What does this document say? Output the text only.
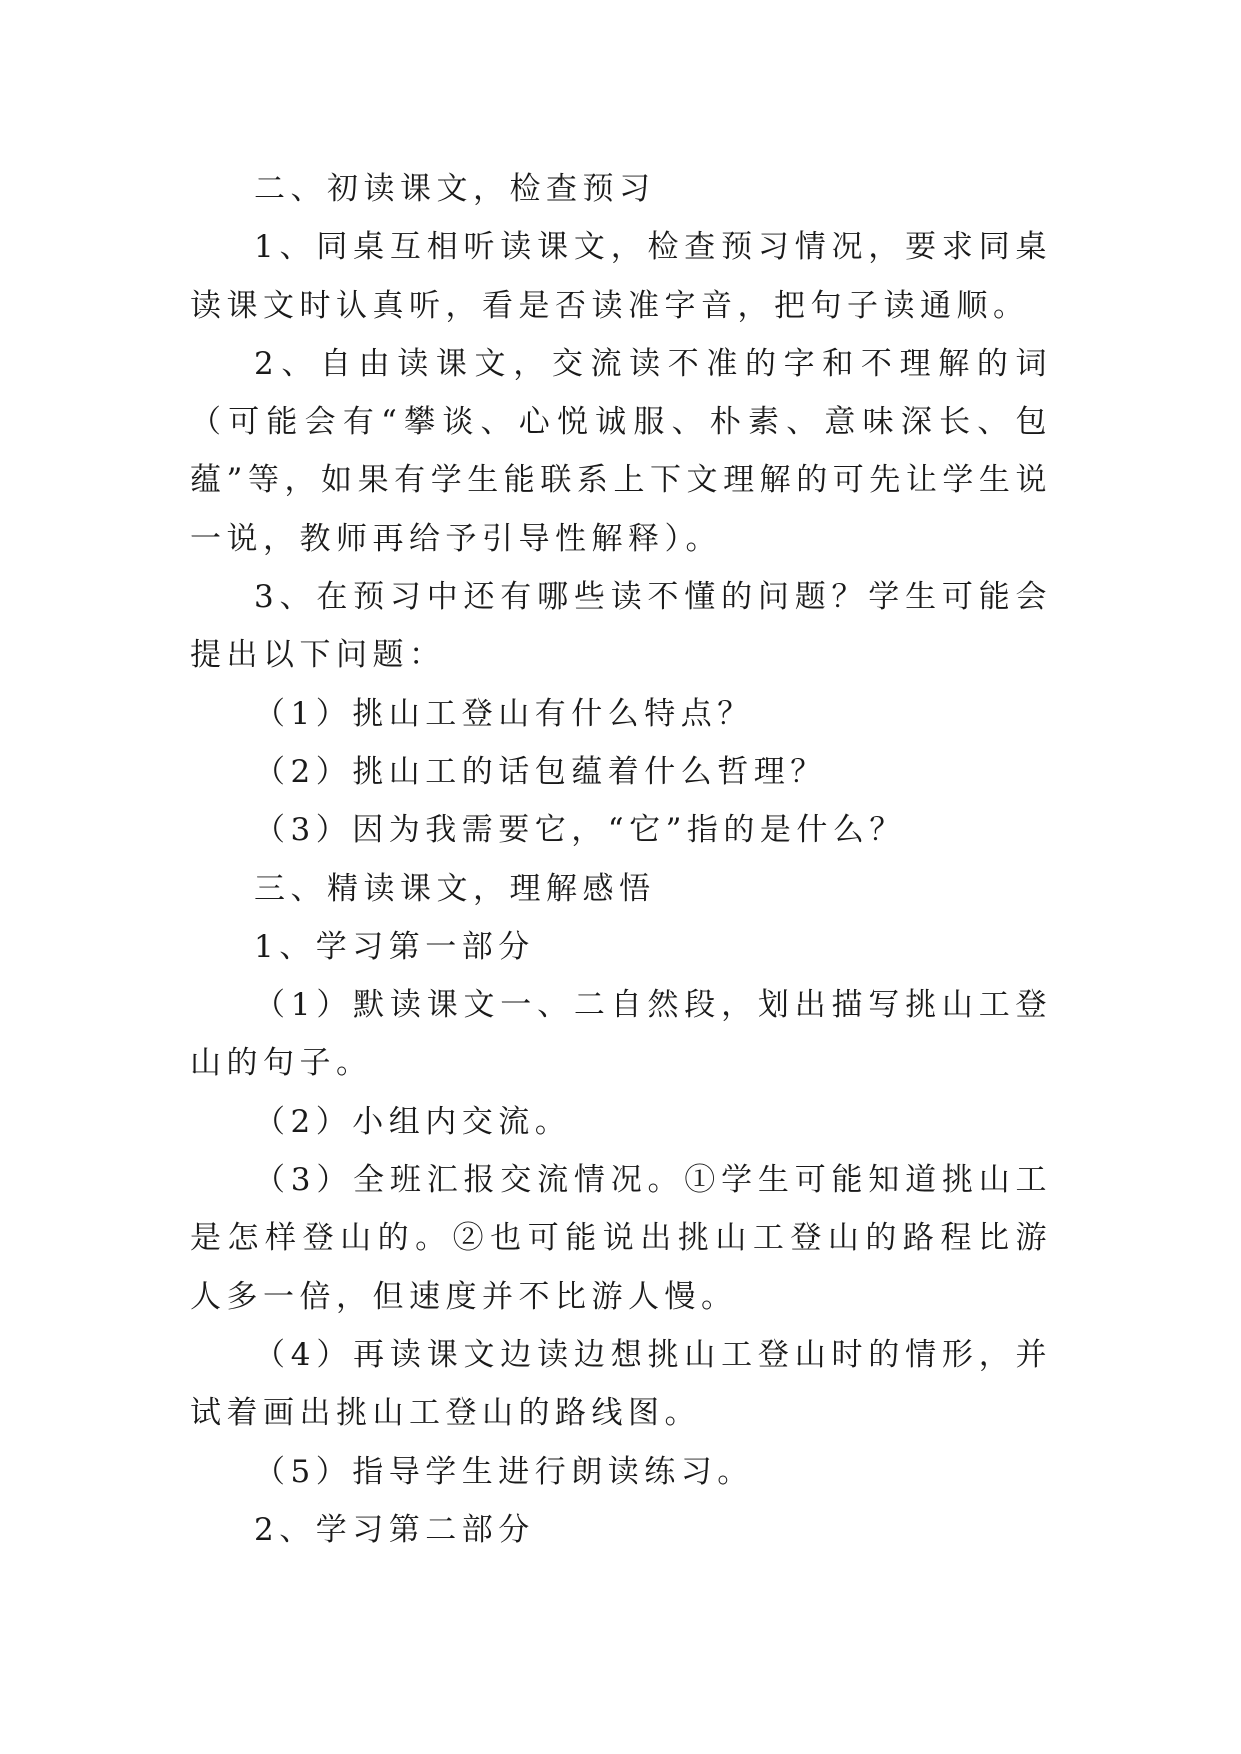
二、初读课文，检查预习

1、同桌互相听读课文，检查预习情况，要求同桌读课文时认真听，看是否读准字音，把句子读通顺。

2、自由读课文，交流读不准的字和不理解的词（可能会有“攀谈、心悦诚服、朴素、意味深长、包蕴”等，如果有学生能联系上下文理解的可先让学生说一说，教师再给予引导性解释）。

3、在预习中还有哪些读不懂的问题？学生可能会提出以下问题：

（1）挑山工登山有什么特点？

（2）挑山工的话包蕴着什么哲理？

（3）因为我需要它，“它”指的是什么？

三、精读课文，理解感悟

1、学习第一部分

（1）默读课文一、二自然段，划出描写挑山工登山的句子。

（2）小组内交流。

（3）全班汇报交流情况。①学生可能知道挑山工是怎样登山的。②也可能说出挑山工登山的路程比游人多一倍，但速度并不比游人慢。

（4）再读课文边读边想挑山工登山时的情形，并试着画出挑山工登山的路线图。

（5）指导学生进行朗读练习。

2、学习第二部分
